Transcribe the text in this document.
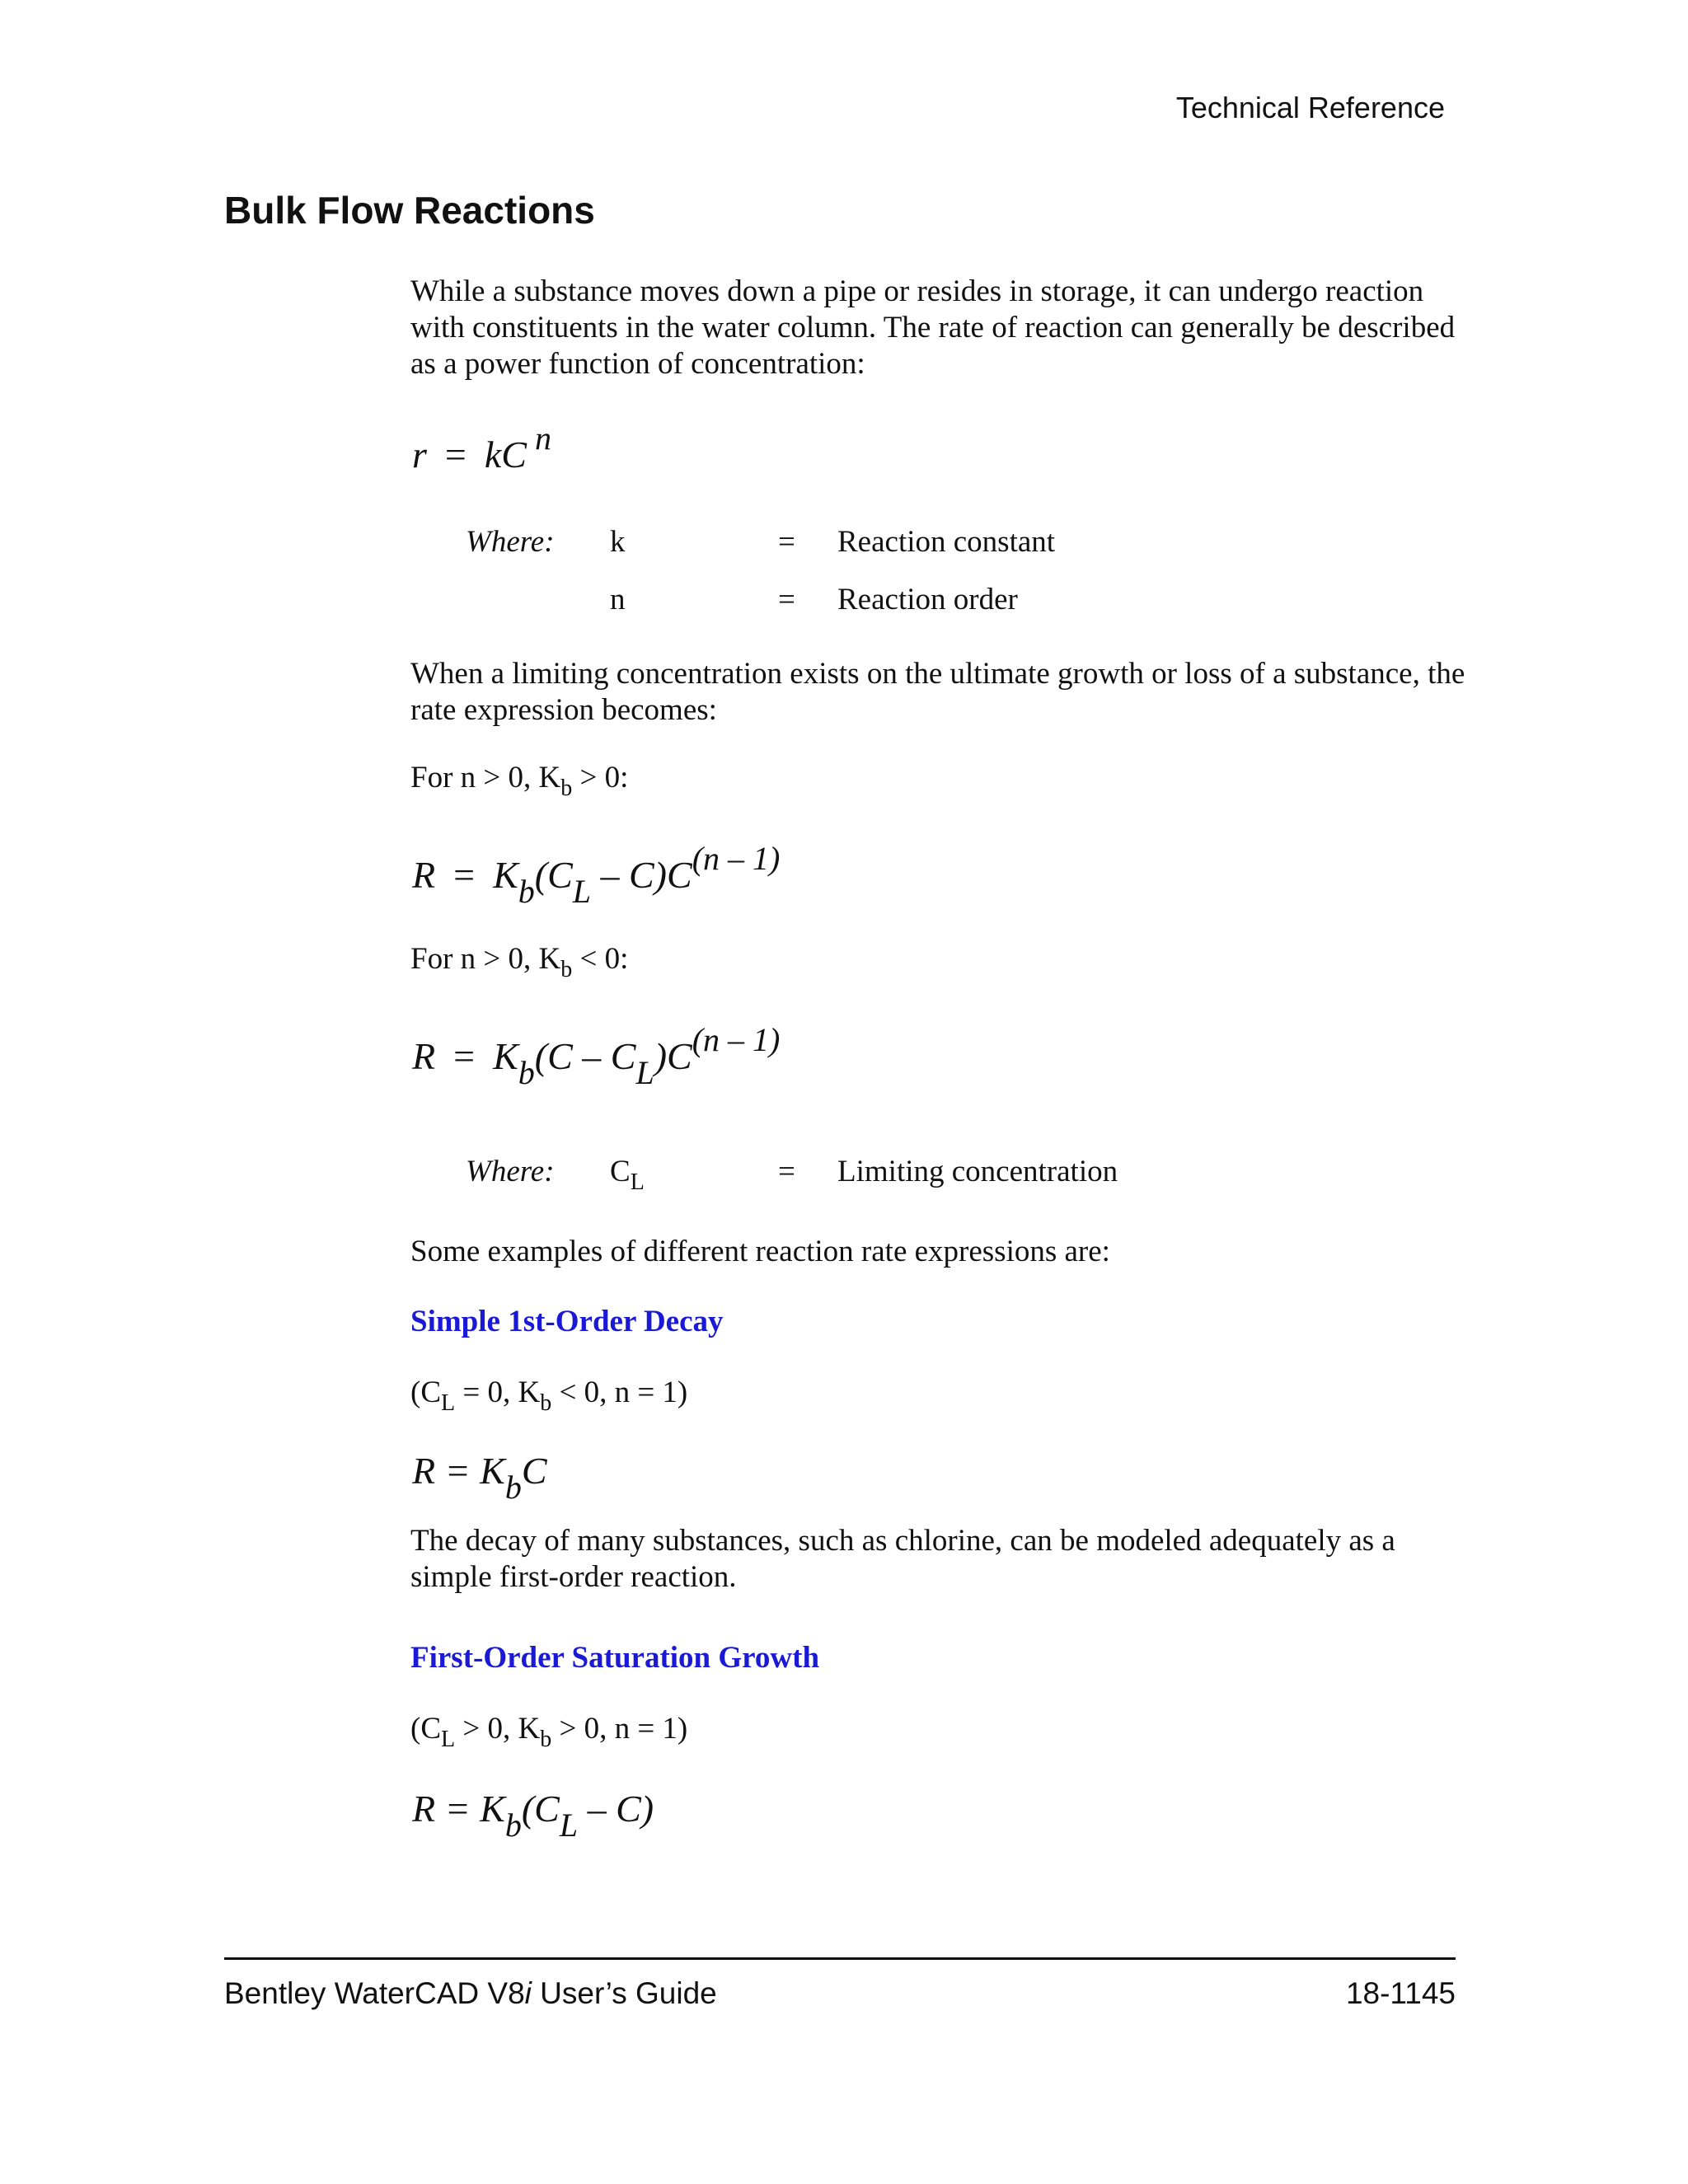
Technical Reference
Bulk Flow Reactions

While a substance moves down a pipe or resides in storage, it can undergo reaction with constituents in the water column. The rate of reaction can generally be described as a power function of concentration:

r = kC n
Where: k	= Reaction constant
n	= Reaction order

When a limiting concentration exists on the ultimate growth or loss of a substance, the rate expression becomes:

For n > 0, $K_b > 0$:
R = Kb(CL – C)C(n – 1)
For n > 0, $K_b < 0$:
R = Kb(C – CL)C(n – 1)
Where: $C_L$	= Limiting concentration

Some examples of different reaction rate expressions are:

Simple 1st-Order Decay
($C_L = 0$, $K_b < 0$, n = 1)
R = KbC

The decay of many substances, such as chlorine, can be modeled adequately as a simple first-order reaction.

First-Order Saturation Growth
($C_L > 0$, $K_b > 0$, n = 1)
R = Kb(CL – C)
Bentley WaterCAD V8i User’s Guide	18-1145
